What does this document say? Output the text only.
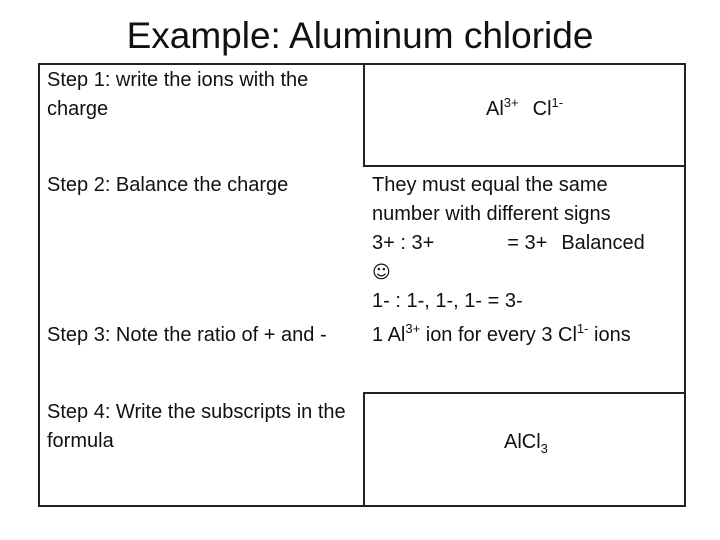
Example: Aluminum chloride
Step 1: write the ions with the charge	$Al^{3+}$ $Cl^{1-}$
Step 2: Balance the charge	They must equal the same
number with different signs
3+ : 3+	= 3+ Balanced
☺
1- : 1-, 1-, 1- = 3-
Step 3: Note the ratio of + and -	1 $Al^{3+}$ ion for every 3 $Cl^{1-}$ ions
Step 4: Write the subscripts in the formula	AlCl$_3$
